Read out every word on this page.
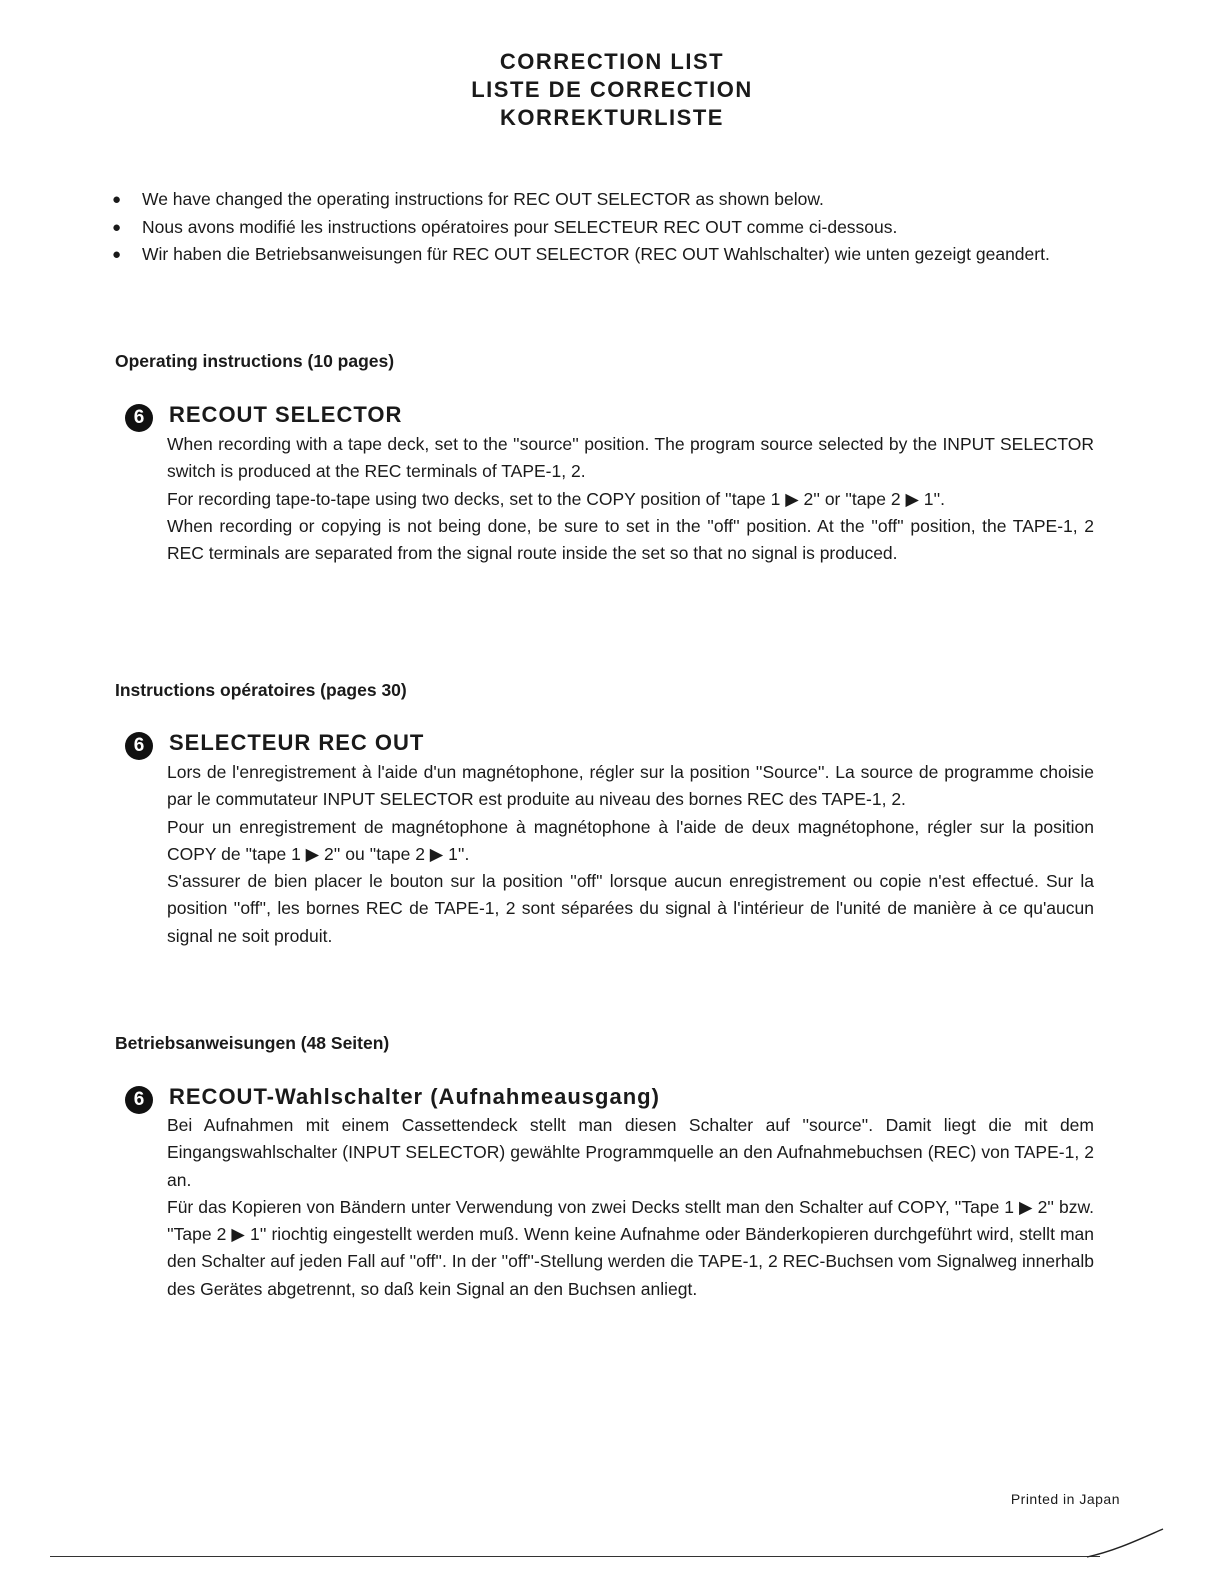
CORRECTION LIST
LISTE DE CORRECTION
KORREKTURLISTE
●	We have changed the operating instructions for REC OUT SELECTOR as shown below.
●	Nous avons modifié les instructions opératoires pour SELECTEUR REC OUT comme ci-dessous.
●	Wir haben die Betriebsanweisungen für REC OUT SELECTOR (REC OUT Wahlschalter) wie unten gezeigt geandert.
Operating instructions (10 pages)
6	RECOUT SELECTOR

When recording with a tape deck, set to the ''source'' position. The program source selected by the INPUT SELECTOR switch is produced at the REC terminals of TAPE-1, 2.

For recording tape-to-tape using two decks, set to the COPY position of ''tape 1 ▶ 2'' or ''tape 2 ▶ 1''.

When recording or copying is not being done, be sure to set in the ''off'' position. At the ''off'' position, the TAPE-1, 2 REC terminals are separated from the signal route inside the set so that no signal is produced.

Instructions opératoires (pages 30)
6	SELECTEUR REC OUT

Lors de l'enregistrement à l'aide d'un magnétophone, régler sur la position ''Source''. La source de programme choisie par le commutateur INPUT SELECTOR est produite au niveau des bornes REC des TAPE-1, 2.

Pour un enregistrement de magnétophone à magnétophone à l'aide de deux magnétophone, régler sur la position COPY de ''tape 1 ▶ 2'' ou ''tape 2 ▶ 1''.

S'assurer de bien placer le bouton sur la position ''off'' lorsque aucun enregistrement ou copie n'est effectué. Sur la position ''off'', les bornes REC de TAPE-1, 2 sont séparées du signal à l'intérieur de l'unité de manière à ce qu'aucun signal ne soit produit.

Betriebsanweisungen (48 Seiten)
6	RECOUT-Wahlschalter (Aufnahmeausgang)

Bei Aufnahmen mit einem Cassettendeck stellt man diesen Schalter auf ''source''. Damit liegt die mit dem Eingangswahlschalter (INPUT SELECTOR) gewählte Programmquelle an den Aufnahmebuchsen (REC) von TAPE-1, 2 an.

Für das Kopieren von Bändern unter Verwendung von zwei Decks stellt man den Schalter auf COPY, ''Tape 1 ▶ 2'' bzw. ''Tape 2 ▶ 1'' riochtig eingestellt werden muß. Wenn keine Aufnahme oder Bänderkopieren durchgeführt wird, stellt man den Schalter auf jeden Fall auf ''off''. In der ''off''-Stellung werden die TAPE-1, 2 REC-Buchsen vom Signalweg innerhalb des Gerätes abgetrennt, so daß kein Signal an den Buchsen anliegt.

Printed in Japan
